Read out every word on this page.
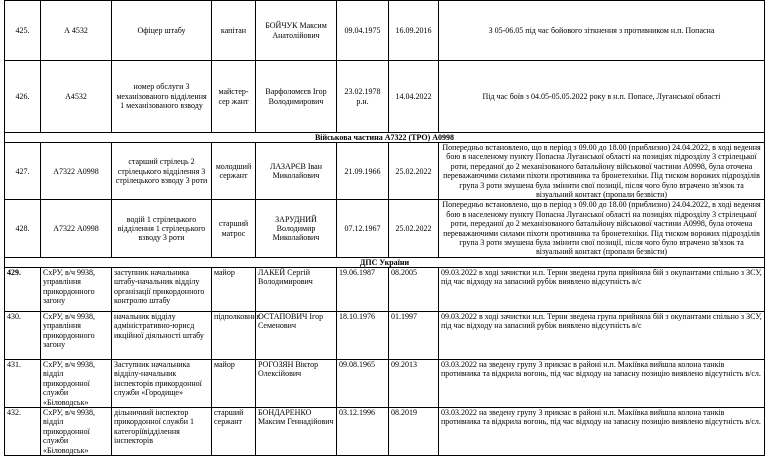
425.	А 4532	Офіцер штабу	капітан	БОЙЧУК Максим Анатолійович	09.04.1975	16.09.2016	З 05-06.05 під час бойового зіткнення з противником н.п. Попасна
426.	А4532	номер обслуги 3 механізованого відділення 1 механізованого взводу	майстер-сер жант	Варфоломєєв Ігор Володимирович	23.02.1978 р.н.	14.04.2022	Під час боїв з 04.05-05.05.2022 року в н.п. Попасе, Луганської області
Військова частина А7322 (ТРО) А0998							
427.	А7322 А0998	старший стрілець 2 стрілецького відділення 3 стрілецького взводу 3 роти	молодший сержант	ЛАЗАРЄВ Іван Миколайович	21.09.1966	25.02.2022	Попередньо встановлено, що в період з 09.00 до 18.00 (приблизно) 24.04.2022, в ході ведення бою в населеному пункту Попасна Луганської області на позиціях підрозділу 3 стрілецької роти, переданої до 2 механізованого батальйону військової частини А0998, була оточена переважаючими силами піхоти противника та бронетехніки. Під тиском ворожих підрозділів група 3 роти змушена була змінити свої позиції, після чого було втрачено зв'язок та візуальний контакт (пропали безвісти)
428.	А7322 А0998	водій 1 стрілецького відділення 1 стрілецького взводу 3 роти	старший матрос	ЗАРУДНИЙ Володимир Миколайович	07.12.1967	25.02.2022	Попередньо встановлено, що в період з 09.00 до 18.00 (приблизно) 24.04.2022, в ході ведення бою в населеному пункту Попасна Луганської області на позиціях підрозділу 3 стрілецької роти, переданої до 2 механізованого батальйону військової частини А0998, була оточена переважаючими силами піхоти противника та бронетехніки. Під тиском ворожих підрозділів група 3 роти змушена була змінити свої позиції, після чого було втрачено зв'язок та візуальний контакт (пропали безвісти)
ДПС України							
429.	СхРУ, в/ч 9938, управління прикордонного загону	заступник начальника штабу-начальник відділу організації прикордонного контролю штабу	майор	ЛАКЕЙ Сергій Володимирович	19.06.1987	08.2005	09.03.2022 в ході зачистки н.п. Терни зведена група прийняла бій з окупантами спільно з ЗСУ, під час відходу на запасний рубіж виявлено відсутність в/с
430.	СхРУ, в/ч 9938, управління прикордонного загону	начальник відділу адміністративно-юрисд икційної діяльності штабу	підполковник	ОСТАПОВИЧ Ігор Семенович	18.10.1976	01.1997	09.03.2022 в ході зачистки н.п. Терни зведена група прийняла бій з окупантами спільно з ЗСУ, під час відходу на запасний рубіж виявлено відсутність в/с
431.	СхРУ, в/ч 9938, відділ прикордонної служби «Біловодськ»	Заступник начальника відділу-начальник інспекторів прикордонної служби «Городище»	майор	РОГОЗЯН Віктор Олексійович	09.08.1965	09.2013	03.03.2022 на зведену групу 3 прикзас в районі н.п. Макіївка вийшла колона танків противника та відкрила вогонь, під час відходу на запасну позицію виявлено відсутність в/сл.
432.	СхРУ, в/ч 9938, відділ прикордонної служби «Біловодськ»	дільничний інспектор прикордонної служби 1 категоріївідділення інспекторів	старший сержант	БОНДАРЕНКО Максим Геннадійович	03.12.1996	08.2019	03.03.2022 на зведену групу 3 прикзас в районі н.п. Макіївка вийшла колона танків противника та відкрила вогонь, під час відходу на запасну позицію виявлено відсутність в/сл.
